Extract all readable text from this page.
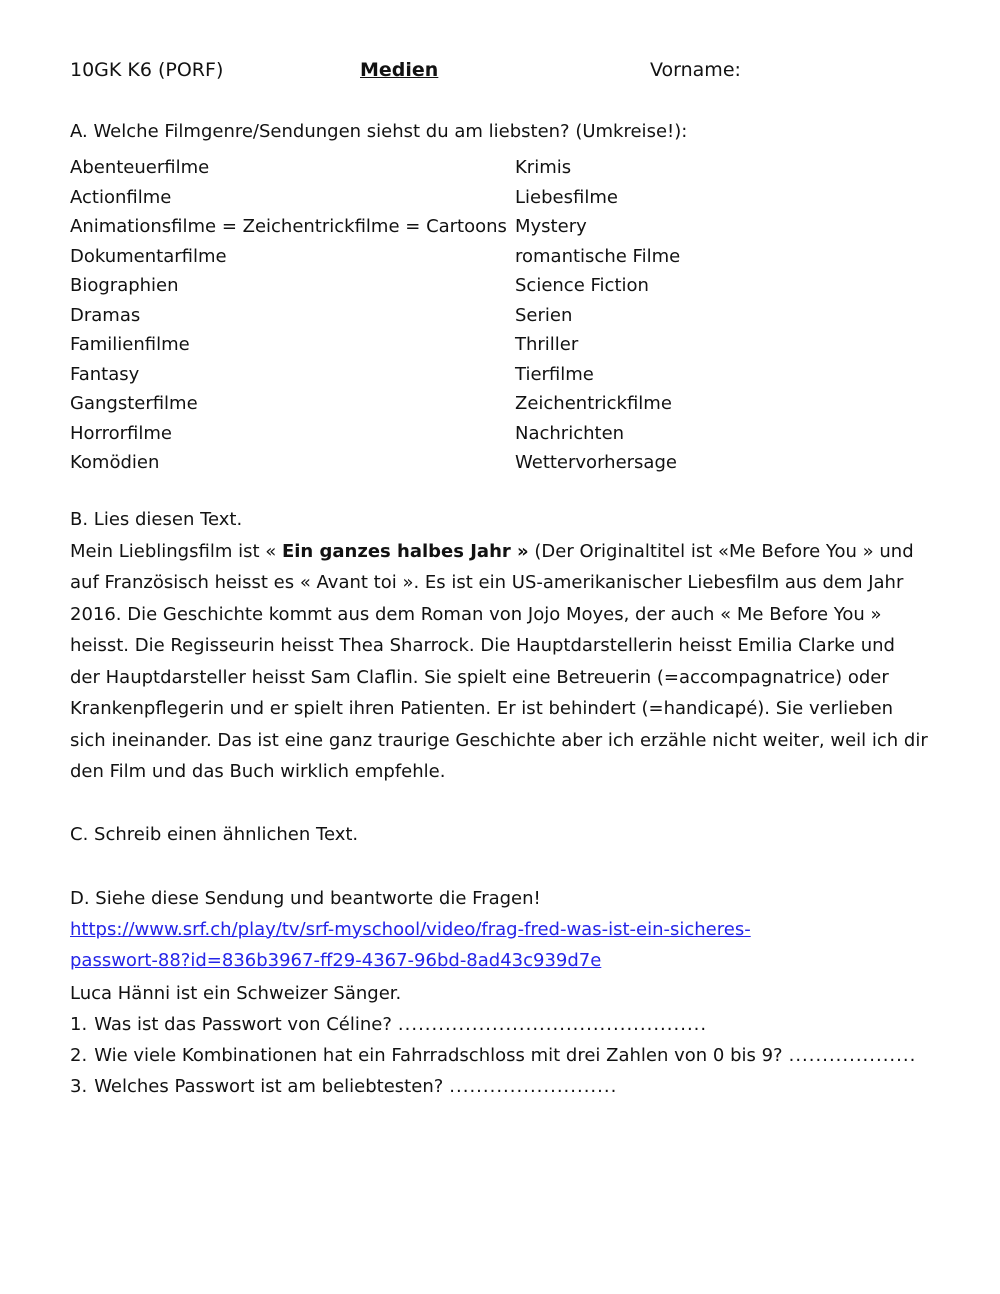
10GK K6 (PORF)	Medien	Vorname:

A. Welche Filmgenre/Sendungen siehst du am liebsten? (Umkreise!):

Abenteuerfilme
Actionfilme
Animationsfilme = Zeichentrickfilme = Cartoons
Dokumentarfilme
Biographien
Dramas
Familienfilme
Fantasy
Gangsterfilme
Horrorfilme
Komödien
Krimis
Liebesfilme
Mystery
romantische Filme
Science Fiction
Serien
Thriller
Tierfilme
Zeichentrickfilme
Nachrichten
Wettervorhersage

B. Lies diesen Text.

Mein Lieblingsfilm ist « Ein ganzes halbes Jahr » (Der Originaltitel ist «Me Before You » und auf Französisch heisst es « Avant toi ». Es ist ein US-amerikanischer Liebesfilm aus dem Jahr 2016. Die Geschichte kommt aus dem Roman von Jojo Moyes, der auch « Me Before You » heisst. Die Regisseurin heisst Thea Sharrock. Die Hauptdarstellerin heisst Emilia Clarke und der Hauptdarsteller heisst Sam Claflin. Sie spielt eine Betreuerin (=accompagnatrice) oder Krankenpflegerin und er spielt ihren Patienten. Er ist behindert (=handicapé). Sie verlieben sich ineinander. Das ist eine ganz traurige Geschichte aber ich erzähle nicht weiter, weil ich dir den Film und das Buch wirklich empfehle.

C. Schreib einen ähnlichen Text.

D. Siehe diese Sendung und beantworte die Fragen!

https://www.srf.ch/play/tv/srf-myschool/video/frag-fred-was-ist-ein-sicheres-
passwort-88?id=836b3967-ff29-4367-96bd-8ad43c939d7e

Luca Hänni ist ein Schweizer Sänger.

1. Was ist das Passwort von Céline? ..............................................

2. Wie viele Kombinationen hat ein Fahrradschloss mit drei Zahlen von 0 bis 9? ...................

3. Welches Passwort ist am beliebtesten? .........................
